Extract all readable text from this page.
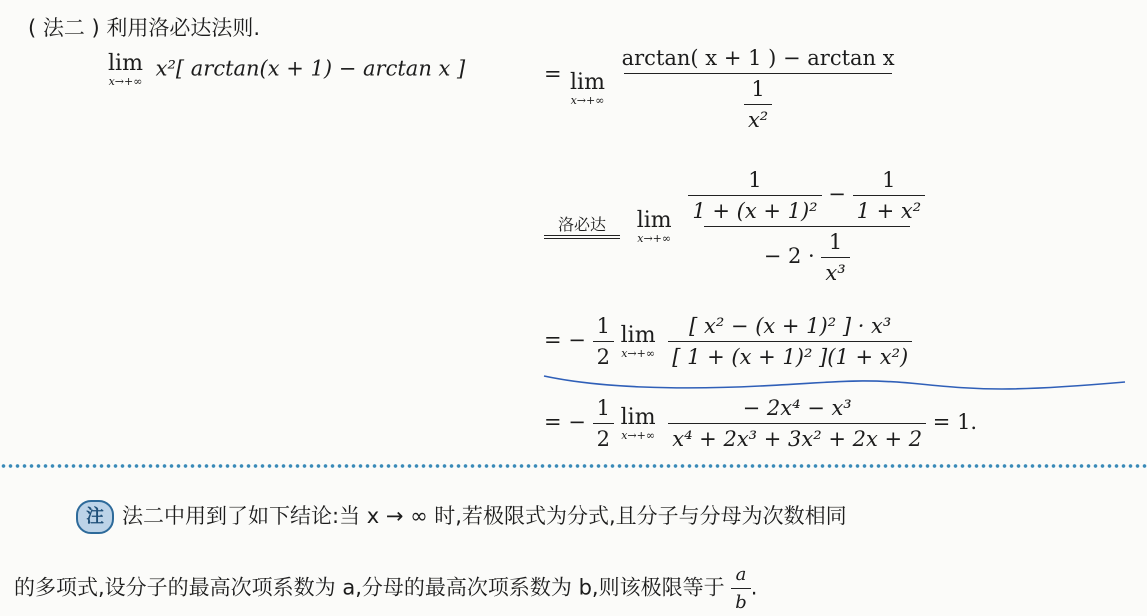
( 法二 ) 利用洛必达法则.
lim
x→+∞
x²[ arctan(x + 1) − arctan x ]	= lim
x→+∞
$\frac{\text{arctan( x + 1 ) − arctan x}}{\frac{1}{\text{x²}}}$
洛必达
lim
x→+∞

$\frac{1}{\text{1 + (x + 1)²}} - \frac{1}{\text{1 + x²}}$
− $2 \cdot \frac{1}{\text{x³}}$
= − $\frac{1}{2}$
lim
x→+∞
$\frac{\text{[ x² − (x + 1)² ] · x³}}{\text{[ 1 + (x + 1)² ](1 + x²)}}$
= − $\frac{1}{2}$
lim
x→+∞
$\frac{\text{− 2x⁴ − x³}}{\text{x⁴ + 2x³ + 3x² + 2x + 2}} = 1$.
注 法二中用到了如下结论:当 x → ∞ 时,若极限式为分式,且分子与分母为次数相同
的多项式,设分子的最高次项系数为 a,分母的最高次项系数为 b,则该极限等于 $\frac{a}{b}$ .
